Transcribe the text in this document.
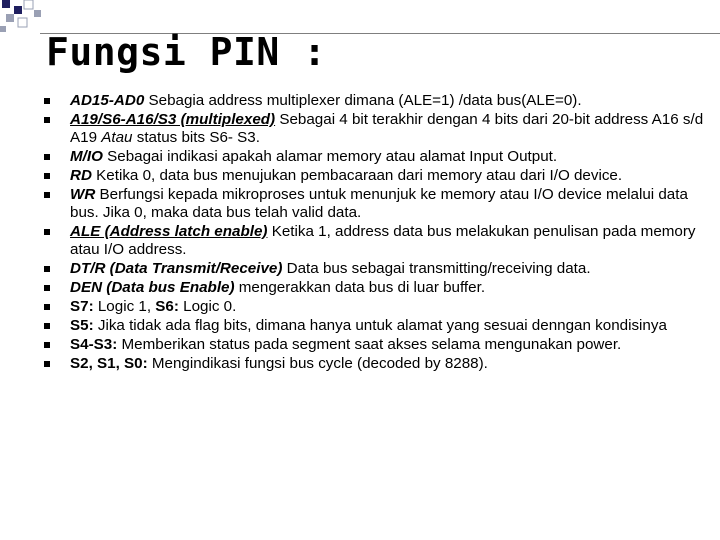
Fungsi PIN :
AD15-AD0 Sebagia address multiplexer dimana (ALE=1) /data bus(ALE=0).
A19/S6-A16/S3 (multiplexed) Sebagai 4 bit terakhir dengan 4 bits dari 20-bit address A16 s/d A19 Atau status bits S6- S3.
M/IO Sebagai indikasi apakah alamar memory atau alamat Input Output.
RD Ketika 0, data bus menujukan pembacaraan dari memory atau dari I/O device.
WR Berfungsi kepada mikroproses untuk menunjuk ke memory atau I/O device melalui data bus. Jika 0, maka data bus telah valid data.
ALE (Address latch enable) Ketika 1, address data bus melakukan penulisan pada memory atau I/O address.
DT/R (Data Transmit/Receive) Data bus sebagai transmitting/receiving data.
DEN (Data bus Enable) mengerakkan data bus di luar buffer.
S7: Logic 1, S6: Logic 0.
S5: Jika tidak ada flag bits, dimana hanya untuk alamat yang sesuai denngan kondisinya
S4-S3: Memberikan status pada segment saat akses selama mengunakan power.
S2, S1, S0: Mengindikasi fungsi bus cycle (decoded by 8288).
